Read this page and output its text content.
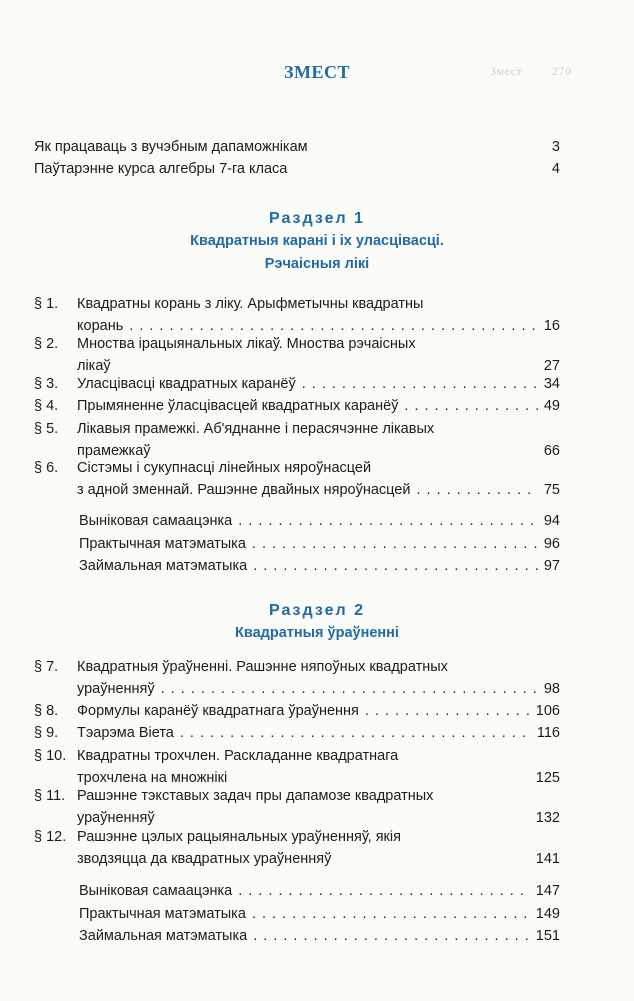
ЗМЕСТ	Змест 270
Як працаваць з вучэбным дапаможнікам	3
Паўтарэнне курса алгебры 7-га класа	4
Раздзел 1
Квадратныя карані і іх уласцівасці.
Рэчаісныя лікі
§ 1. Квадратны корань з ліку. Арыфметычны квадратны
корань . . .	16
§ 2. Мноства ірацыянальных лікаў. Мноства рэчаісных
лікаў	27
§ 3. Уласцівасці квадратных каранёў . . .	34
§ 4. Прымяненне ўласцівасцей квадратных каранёў . . .	49
§ 5. Лікавыя прамежкі. Аб'яднанне і перасячэнне лікавых
прамежкаў	66
§ 6. Сістэмы і сукупнасці лінейных няроўнасцей
з адной зменнай. Рашэнне двайных няроўнасцей . . .	75
Выніковая самаацэнка . . .	94
Практычная матэматыка . . .	96
Займальная матэматыка . . .	97
Раздзел 2
Квадратныя ўраўненні
§ 7. Квадратныя ўраўненні. Рашэнне няпоўных квадратных
ураўненняў . . .	98
§ 8. Формулы каранёў квадратнага ўраўнення . . .	106
§ 9. Тэарэма Віета . . .	116
§ 10. Квадратны трохчлен. Раскладанне квадратнага
трохчлена на множнікі	125
§ 11. Рашэнне тэкставых задач пры дапамозе квадратных
ураўненняў	132
§ 12. Рашэнне цэлых рацыянальных ураўненняў, якія
зводзяцца да квадратных ураўненняў	141
Выніковая самаацэнка . . .	147
Практычная матэматыка . . .	149
Займальная матэматыка . . .	151
